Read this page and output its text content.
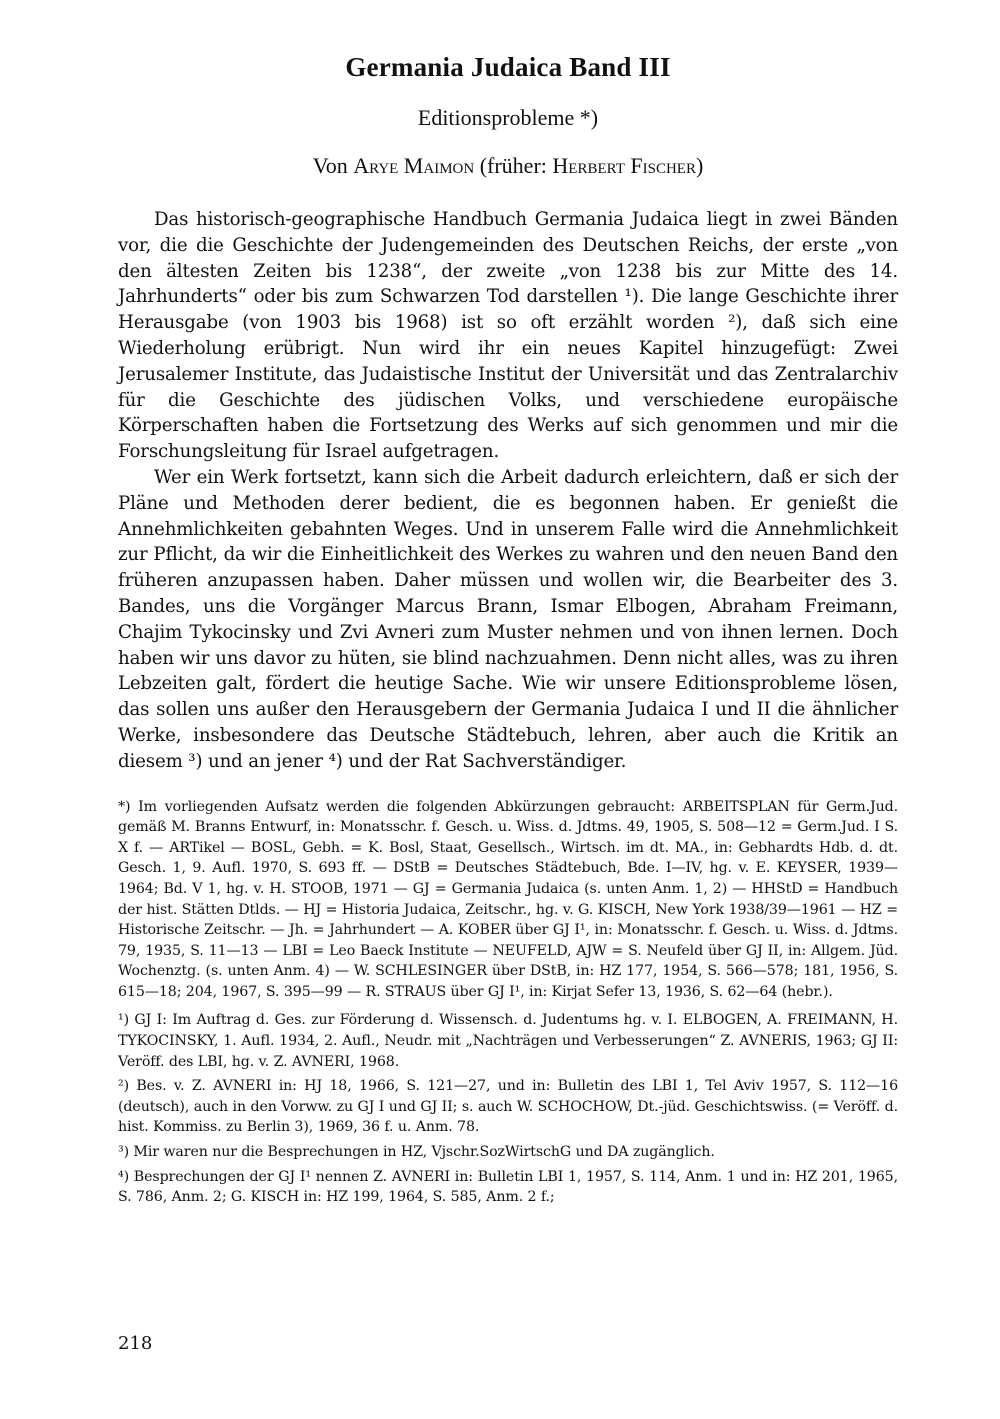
Germania Judaica Band III
Editionsprobleme *)
Von Arye Maimon (früher: Herbert Fischer)

Das historisch-geographische Handbuch Germania Judaica liegt in zwei Bänden vor, die die Geschichte der Judengemeinden des Deutschen Reichs, der erste „von den ältesten Zeiten bis 1238“, der zweite „von 1238 bis zur Mitte des 14. Jahrhunderts“ oder bis zum Schwarzen Tod darstellen ¹). Die lange Geschichte ihrer Herausgabe (von 1903 bis 1968) ist so oft erzählt worden ²), daß sich eine Wiederholung erübrigt. Nun wird ihr ein neues Kapitel hinzugefügt: Zwei Jerusalemer Institute, das Judaistische Institut der Universität und das Zentralarchiv für die Geschichte des jüdischen Volks, und verschiedene europäische Körperschaften haben die Fortsetzung des Werks auf sich genommen und mir die Forschungsleitung für Israel aufgetragen.

Wer ein Werk fortsetzt, kann sich die Arbeit dadurch erleichtern, daß er sich der Pläne und Methoden derer bedient, die es begonnen haben. Er genießt die Annehmlichkeiten gebahnten Weges. Und in unserem Falle wird die Annehmlichkeit zur Pflicht, da wir die Einheitlichkeit des Werkes zu wahren und den neuen Band den früheren anzupassen haben. Daher müssen und wollen wir, die Bearbeiter des 3. Bandes, uns die Vorgänger Marcus Brann, Ismar Elbogen, Abraham Freimann, Chajim Tykocinsky und Zvi Avneri zum Muster nehmen und von ihnen lernen. Doch haben wir uns davor zu hüten, sie blind nachzuahmen. Denn nicht alles, was zu ihren Lebzeiten galt, fördert die heutige Sache. Wie wir unsere Editionsprobleme lösen, das sollen uns außer den Herausgebern der Germania Judaica I und II die ähnlicher Werke, insbesondere das Deutsche Städtebuch, lehren, aber auch die Kritik an diesem ³) und an jener ⁴) und der Rat Sachverständiger.

*) Im vorliegenden Aufsatz werden die folgenden Abkürzungen gebraucht: ARBEITSPLAN für Germ.Jud. gemäß M. Branns Entwurf, in: Monatsschr. f. Gesch. u. Wiss. d. Jdtms. 49, 1905, S. 508—12 = Germ.Jud. I S. X f. — ARTikel — BOSL, Gebh. = K. Bosl, Staat, Gesellsch., Wirtsch. im dt. MA., in: Gebhardts Hdb. d. dt. Gesch. 1, 9. Aufl. 1970, S. 693 ff. — DStB = Deutsches Städtebuch, Bde. I—IV, hg. v. E. KEYSER, 1939—1964; Bd. V 1, hg. v. H. STOOB, 1971 — GJ = Germania Judaica (s. unten Anm. 1, 2) — HHStD = Handbuch der hist. Stätten Dtlds. — HJ = Historia Judaica, Zeitschr., hg. v. G. KISCH, New York 1938/39—1961 — HZ = Historische Zeitschr. — Jh. = Jahrhundert — A. KOBER über GJ I¹, in: Monatsschr. f. Gesch. u. Wiss. d. Jdtms. 79, 1935, S. 11—13 — LBI = Leo Baeck Institute — NEUFELD, AJW = S. Neufeld über GJ II, in: Allgem. Jüd. Wochenztg. (s. unten Anm. 4) — W. SCHLESINGER über DStB, in: HZ 177, 1954, S. 566—578; 181, 1956, S. 615—18; 204, 1967, S. 395—99 — R. STRAUS über GJ I¹, in: Kirjat Sefer 13, 1936, S. 62—64 (hebr.).

¹) GJ I: Im Auftrag d. Ges. zur Förderung d. Wissensch. d. Judentums hg. v. I. ELBOGEN, A. FREIMANN, H. TYKOCINSKY, 1. Aufl. 1934, 2. Aufl., Neudr. mit „Nachträgen und Verbesserungen“ Z. AVNERIS, 1963; GJ II: Veröff. des LBI, hg. v. Z. AVNERI, 1968.

²) Bes. v. Z. AVNERI in: HJ 18, 1966, S. 121—27, und in: Bulletin des LBI 1, Tel Aviv 1957, S. 112—16 (deutsch), auch in den Vorww. zu GJ I und GJ II; s. auch W. SCHOCHOW, Dt.-jüd. Geschichtswiss. (= Veröff. d. hist. Kommiss. zu Berlin 3), 1969, 36 f. u. Anm. 78.

³) Mir waren nur die Besprechungen in HZ, Vjschr.SozWirtschG und DA zugänglich.

⁴) Besprechungen der GJ I¹ nennen Z. AVNERI in: Bulletin LBI 1, 1957, S. 114, Anm. 1 und in: HZ 201, 1965, S. 786, Anm. 2; G. KISCH in: HZ 199, 1964, S. 585, Anm. 2 f.;

218
